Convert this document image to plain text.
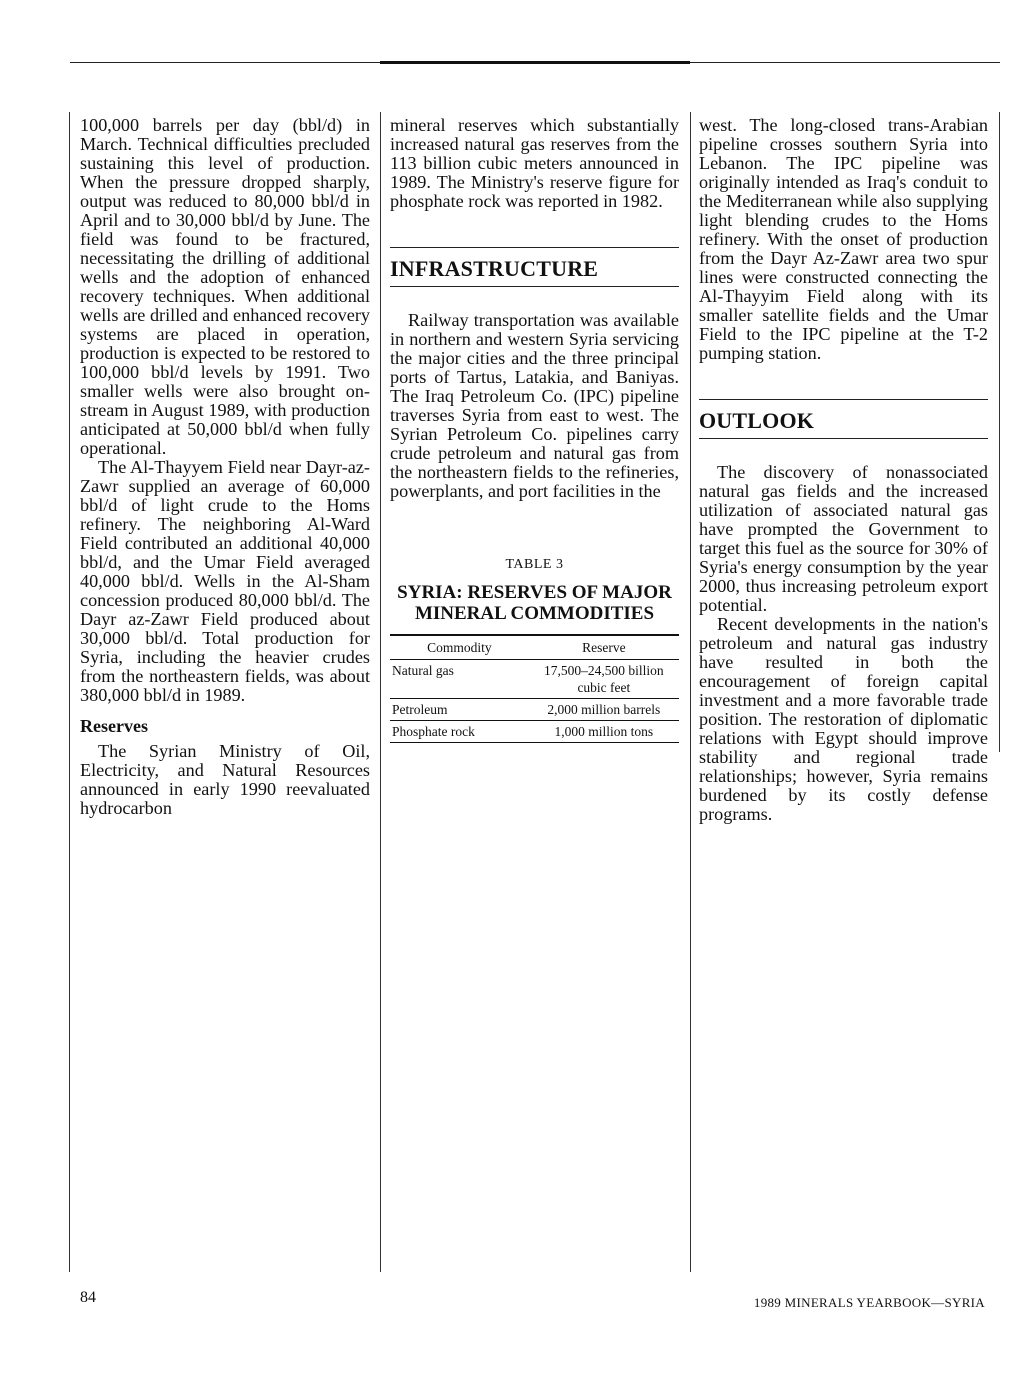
100,000 barrels per day (bbl/d) in March. Technical difficulties precluded sustaining this level of production. When the pressure dropped sharply, output was reduced to 80,000 bbl/d in April and to 30,000 bbl/d by June. The field was found to be fractured, necessitating the drilling of additional wells and the adoption of enhanced recovery techniques. When additional wells are drilled and enhanced recovery systems are placed in operation, production is expected to be restored to 100,000 bbl/d levels by 1991. Two smaller wells were also brought on-stream in August 1989, with production anticipated at 50,000 bbl/d when fully operational.

The Al-Thayyem Field near Dayr-az-Zawr supplied an average of 60,000 bbl/d of light crude to the Homs refinery. The neighboring Al-Ward Field contributed an additional 40,000 bbl/d, and the Umar Field averaged 40,000 bbl/d. Wells in the Al-Sham concession produced 80,000 bbl/d. The Dayr az-Zawr Field produced about 30,000 bbl/d. Total production for Syria, including the heavier crudes from the northeastern fields, was about 380,000 bbl/d in 1989.

Reserves

The Syrian Ministry of Oil, Electricity, and Natural Resources announced in early 1990 reevaluated hydrocarbon

mineral reserves which substantially increased natural gas reserves from the 113 billion cubic meters announced in 1989. The Ministry's reserve figure for phosphate rock was reported in 1982.

INFRASTRUCTURE

Railway transportation was available in northern and western Syria servicing the major cities and the three principal ports of Tartus, Latakia, and Baniyas. The Iraq Petroleum Co. (IPC) pipeline traverses Syria from east to west. The Syrian Petroleum Co. pipelines carry crude petroleum and natural gas from the northeastern fields to the refineries, powerplants, and port facilities in the

TABLE 3
SYRIA: RESERVES OF MAJOR
MINERAL COMMODITIES
Commodity	Reserve
Natural gas	17,500–24,500 billion cubic feet
Petroleum	2,000 million barrels
Phosphate rock	1,000 million tons

west. The long-closed trans-Arabian pipeline crosses southern Syria into Lebanon. The IPC pipeline was originally intended as Iraq's conduit to the Mediterranean while also supplying light blending crudes to the Homs refinery. With the onset of production from the Dayr Az-Zawr area two spur lines were constructed connecting the Al-Thayyim Field along with its smaller satellite fields and the Umar Field to the IPC pipeline at the T-2 pumping station.

OUTLOOK

The discovery of nonassociated natural gas fields and the increased utilization of associated natural gas have prompted the Government to target this fuel as the source for 30% of Syria's energy consumption by the year 2000, thus increasing petroleum export potential.

Recent developments in the nation's petroleum and natural gas industry have resulted in both the encouragement of foreign capital investment and a more favorable trade position. The restoration of diplomatic relations with Egypt should improve stability and regional trade relationships; however, Syria remains burdened by its costly defense programs.

84	1989 MINERALS YEARBOOK—SYRIA
